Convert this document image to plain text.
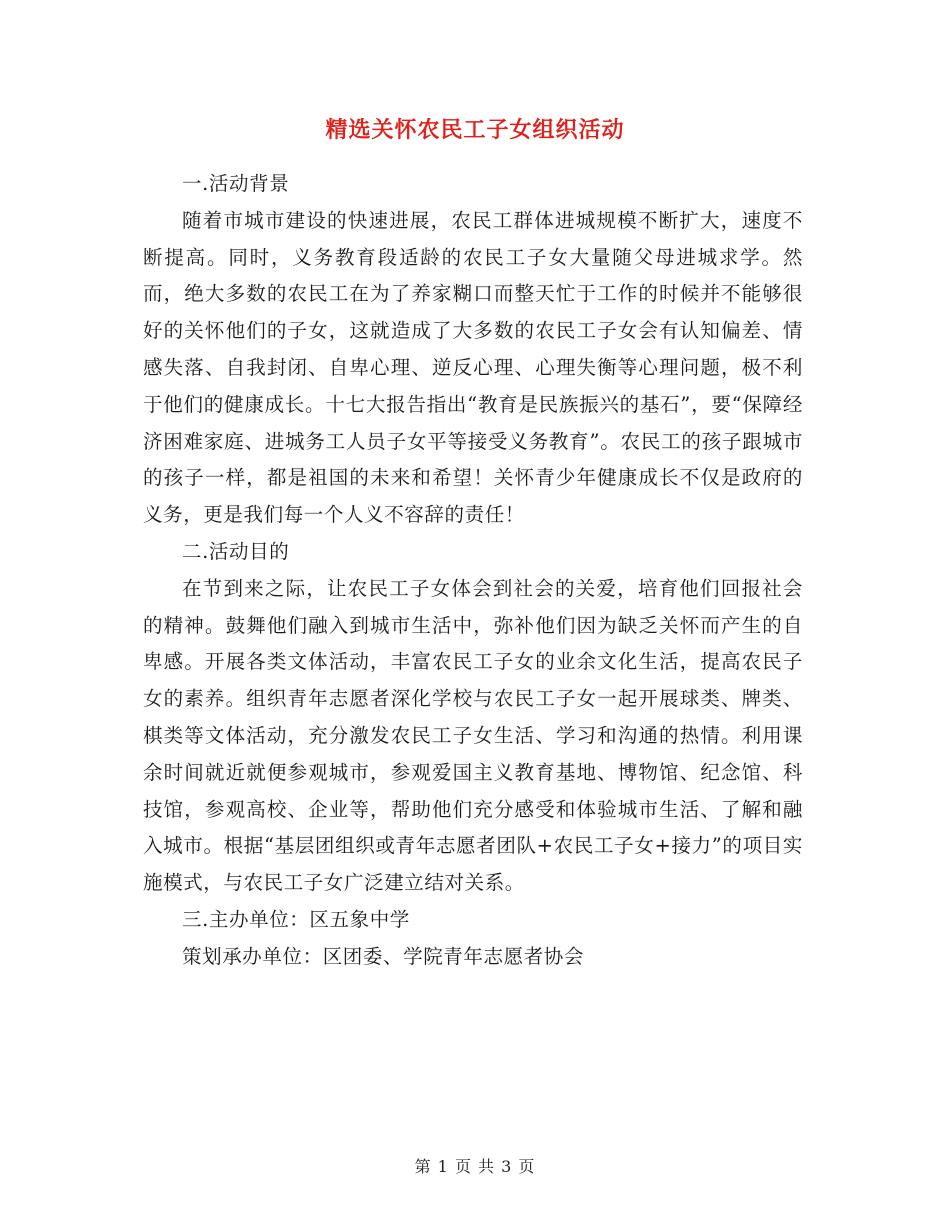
精选关怀农民工子女组织活动

一.活动背景

随着市城市建设的快速进展，农民工群体进城规模不断扩大，速度不断提高。同时，义务教育段适龄的农民工子女大量随父母进城求学。然而，绝大多数的农民工在为了养家糊口而整天忙于工作的时候并不能够很好的关怀他们的子女，这就造成了大多数的农民工子女会有认知偏差、情感失落、自我封闭、自卑心理、逆反心理、心理失衡等心理问题，极不利于他们的健康成长。十七大报告指出“教育是民族振兴的基石”，要“保障经济困难家庭、进城务工人员子女平等接受义务教育”。农民工的孩子跟城市的孩子一样，都是祖国的未来和希望！关怀青少年健康成长不仅是政府的义务，更是我们每一个人义不容辞的责任！

二.活动目的

在节到来之际，让农民工子女体会到社会的关爱，培育他们回报社会的精神。鼓舞他们融入到城市生活中，弥补他们因为缺乏关怀而产生的自卑感。开展各类文体活动，丰富农民工子女的业余文化生活，提高农民子女的素养。组织青年志愿者深化学校与农民工子女一起开展球类、牌类、棋类等文体活动，充分激发农民工子女生活、学习和沟通的热情。利用课余时间就近就便参观城市，参观爱国主义教育基地、博物馆、纪念馆、科技馆，参观高校、企业等，帮助他们充分感受和体验城市生活、了解和融入城市。根据“基层团组织或青年志愿者团队+农民工子女+接力”的项目实施模式，与农民工子女广泛建立结对关系。

三.主办单位：区五象中学

策划承办单位：区团委、学院青年志愿者协会

第 1 页 共 3 页
